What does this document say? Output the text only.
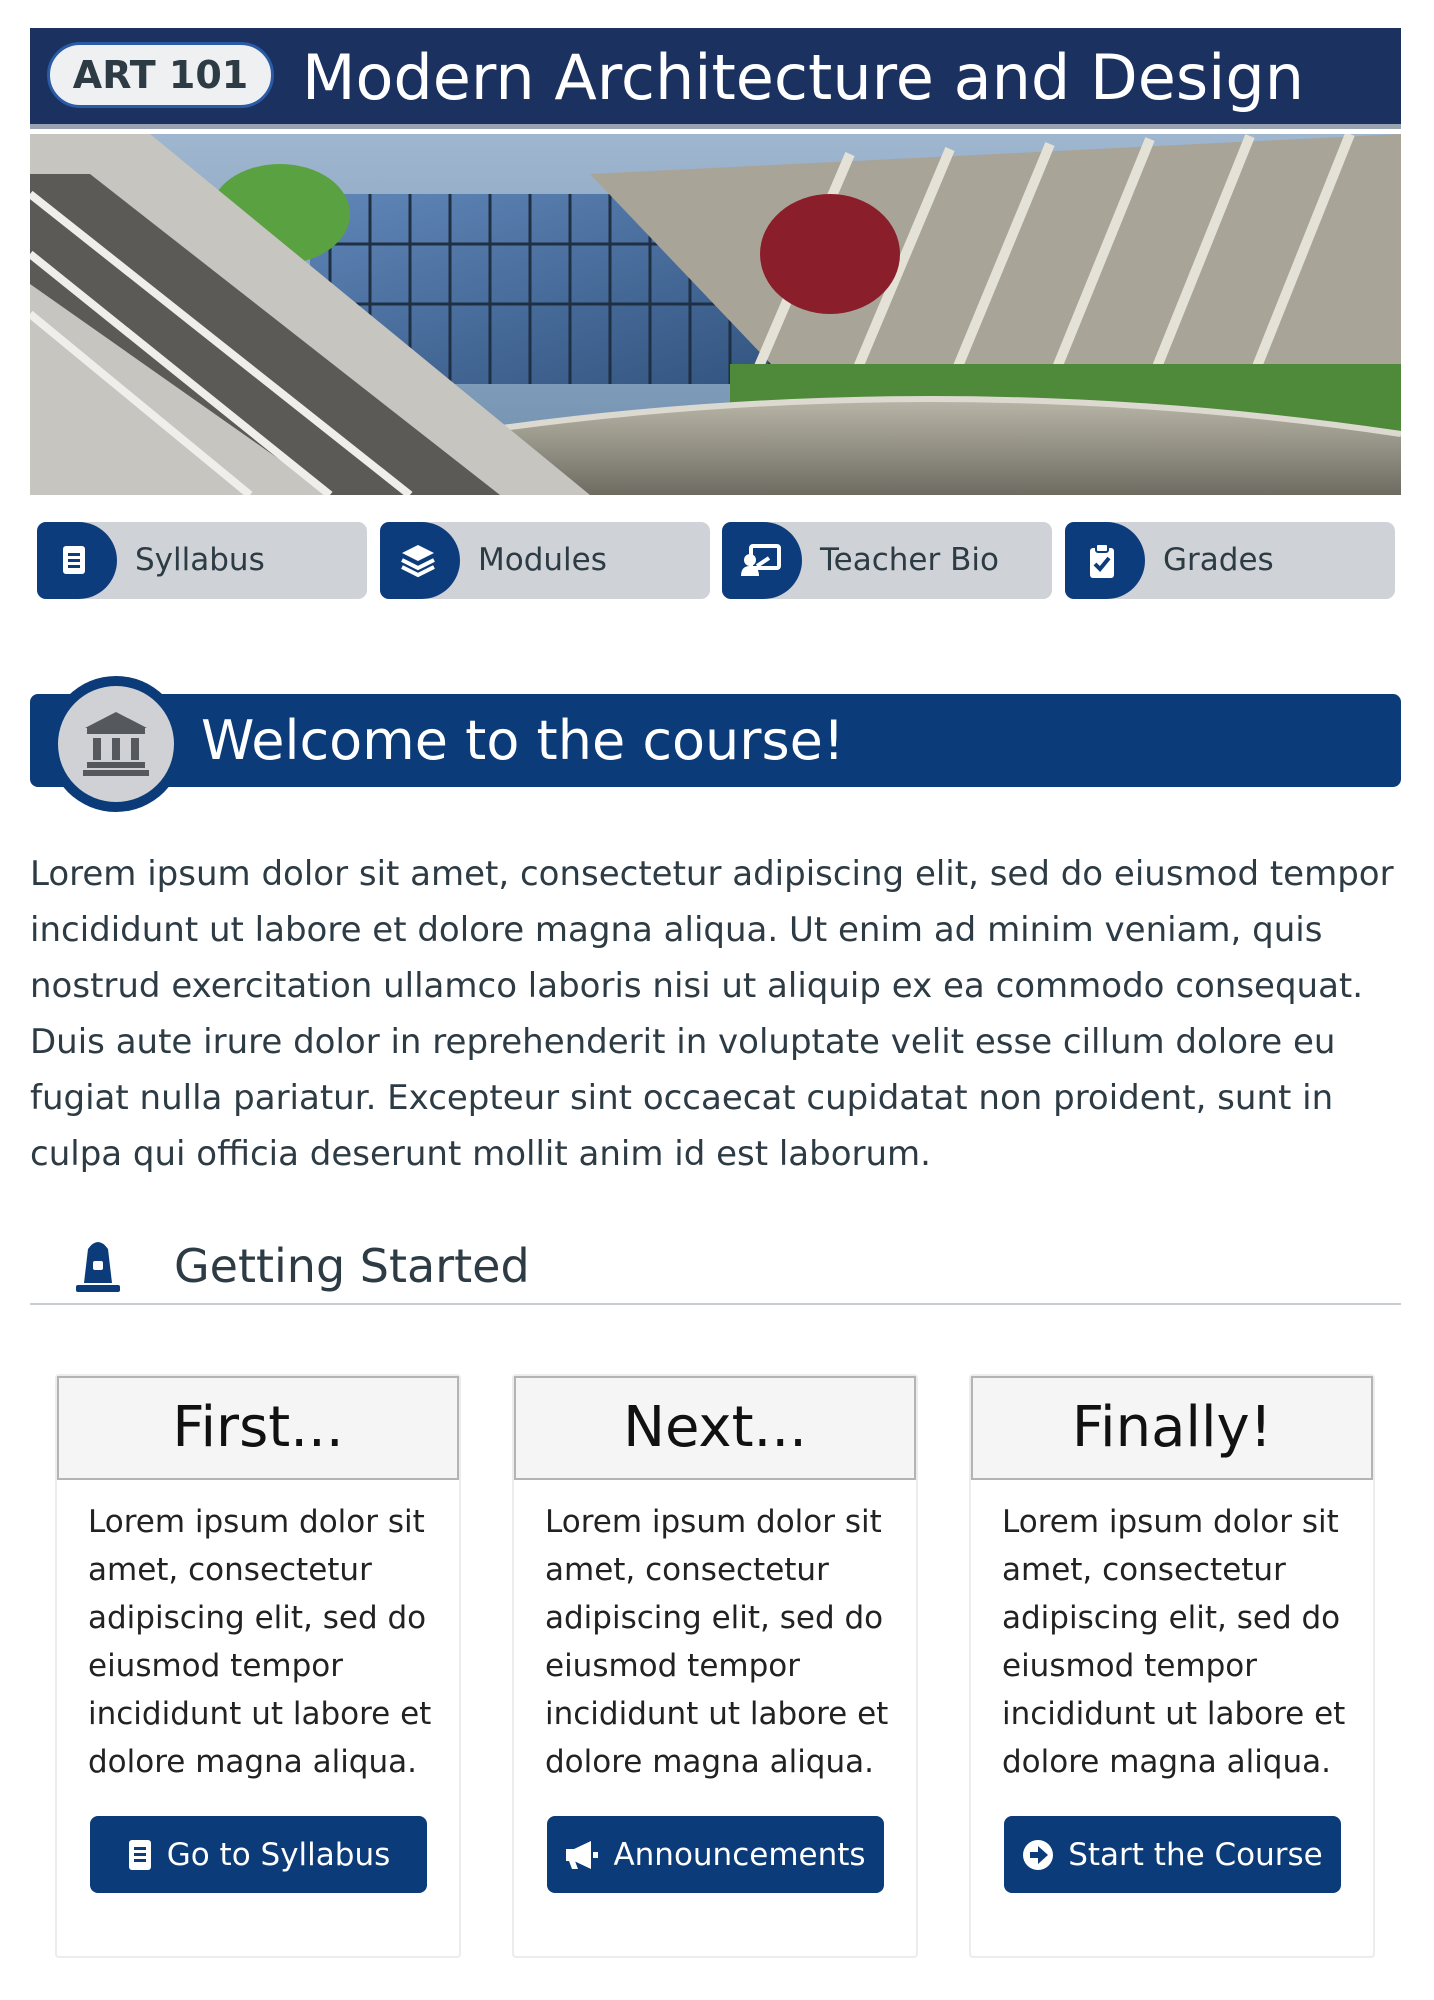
ART 101 Modern Architecture and Design
Syllabus	Modules	Teacher Bio	Grades
Welcome to the course!

Lorem ipsum dolor sit amet, consectetur adipiscing elit, sed do eiusmod tempor incididunt ut labore et dolore magna aliqua. Ut enim ad minim veniam, quis nostrud exercitation ullamco laboris nisi ut aliquip ex ea commodo consequat. Duis aute irure dolor in reprehenderit in voluptate velit esse cillum dolore eu fugiat nulla pariatur. Excepteur sint occaecat cupidatat non proident, sunt in culpa qui officia deserunt mollit anim id est laborum.

Getting Started
First...

Lorem ipsum dolor sit amet, consectetur adipiscing elit, sed do eiusmod tempor incididunt ut labore et dolore magna aliqua.

Go to Syllabus
Next...

Lorem ipsum dolor sit amet, consectetur adipiscing elit, sed do eiusmod tempor incididunt ut labore et dolore magna aliqua.

Announcements
Finally!

Lorem ipsum dolor sit amet, consectetur adipiscing elit, sed do eiusmod tempor incididunt ut labore et dolore magna aliqua.

Start the Course
